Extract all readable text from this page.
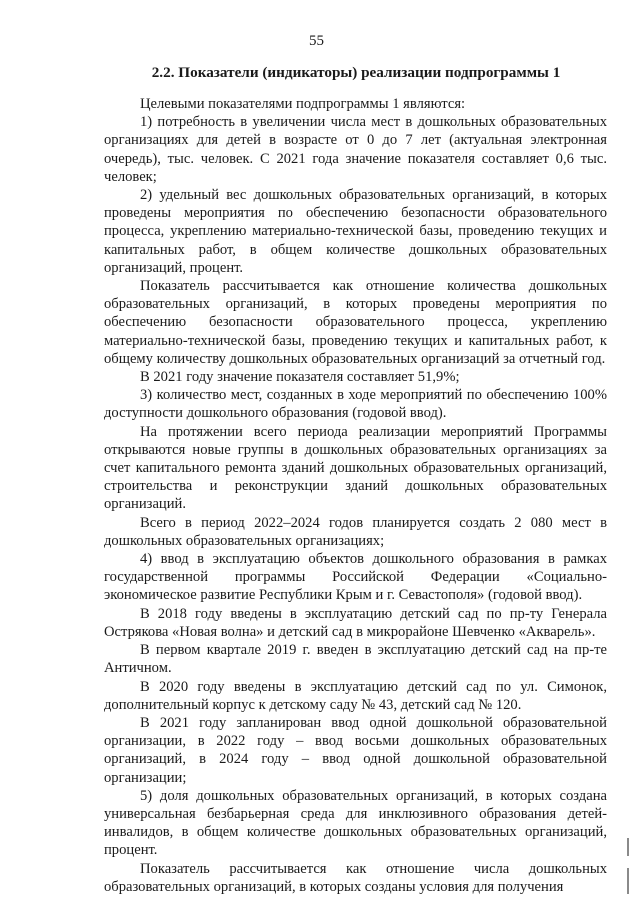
55
2.2. Показатели (индикаторы) реализации подпрограммы 1

Целевыми показателями подпрограммы 1 являются:

1) потребность в увеличении числа мест в дошкольных образовательных организациях для детей в возрасте от 0 до 7 лет (актуальная электронная очередь), тыс. человек. С 2021 года значение показателя составляет 0,6 тыс. человек;

2) удельный вес дошкольных образовательных организаций, в которых проведены мероприятия по обеспечению безопасности образовательного процесса, укреплению материально-технической базы, проведению текущих и капитальных работ, в общем количестве дошкольных образовательных организаций, процент.

Показатель рассчитывается как отношение количества дошкольных образовательных организаций, в которых проведены мероприятия по обеспечению безопасности образовательного процесса, укреплению материально-технической базы, проведению текущих и капитальных работ, к общему количеству дошкольных образовательных организаций за отчетный год.

В 2021 году значение показателя составляет 51,9%;

3) количество мест, созданных в ходе мероприятий по обеспечению 100% доступности дошкольного образования (годовой ввод).

На протяжении всего периода реализации мероприятий Программы открываются новые группы в дошкольных образовательных организациях за счет капитального ремонта зданий дошкольных образовательных организаций, строительства и реконструкции зданий дошкольных образовательных организаций.

Всего в период 2022–2024 годов планируется создать 2 080 мест в дошкольных образовательных организациях;

4) ввод в эксплуатацию объектов дошкольного образования в рамках государственной программы Российской Федерации «Социально-экономическое развитие Республики Крым и г. Севастополя» (годовой ввод).

В 2018 году введены в эксплуатацию детский сад по пр-ту Генерала Острякова «Новая волна» и детский сад в микрорайоне Шевченко «Акварель».

В первом квартале 2019 г. введен в эксплуатацию детский сад на пр-те Античном.

В 2020 году введены в эксплуатацию детский сад по ул. Симонок, дополнительный корпус к детскому саду № 43, детский сад № 120.

В 2021 году запланирован ввод одной дошкольной образовательной организации, в 2022 году – ввод восьми дошкольных образовательных организаций, в 2024 году – ввод одной дошкольной образовательной организации;

5) доля дошкольных образовательных организаций, в которых создана универсальная безбарьерная среда для инклюзивного образования детей-инвалидов, в общем количестве дошкольных образовательных организаций, процент.

Показатель рассчитывается как отношение числа дошкольных образовательных организаций, в которых созданы условия для получения
